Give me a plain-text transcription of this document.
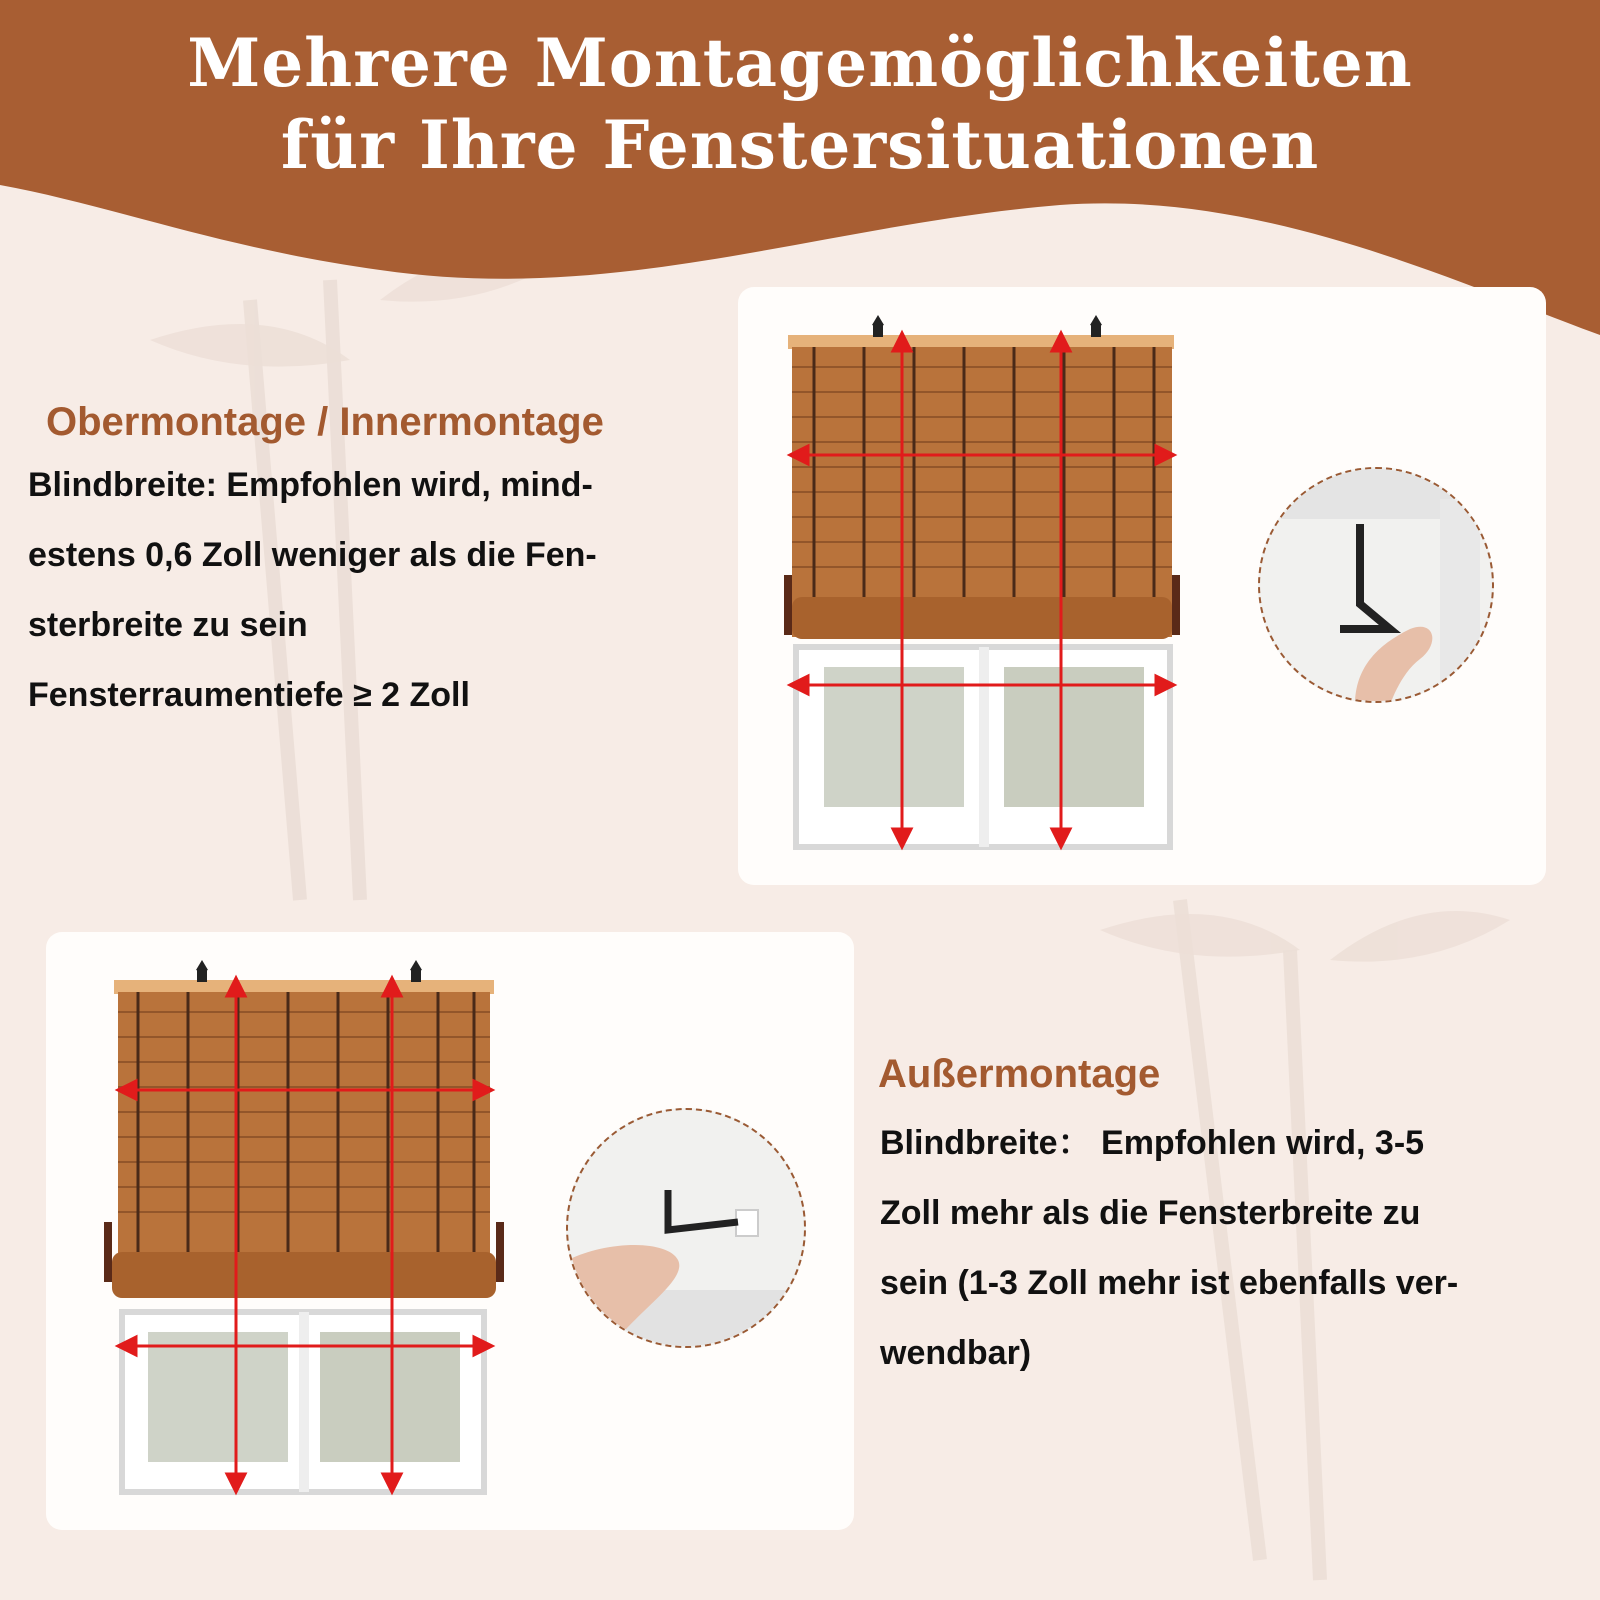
Mehrere Montagemöglichkeiten
für Ihre Fenstersituationen
Obermontage / Innermontage

Blindbreite: Empfohlen wird, mind-

estens 0,6 Zoll weniger als die Fen-

sterbreite zu sein

Fensterraumentiefe ≥ 2 Zoll

Außermontage

Blindbreite： Empfohlen wird, 3-5

Zoll mehr als die Fensterbreite zu

sein (1-3 Zoll mehr ist ebenfalls ver-

wendbar)
